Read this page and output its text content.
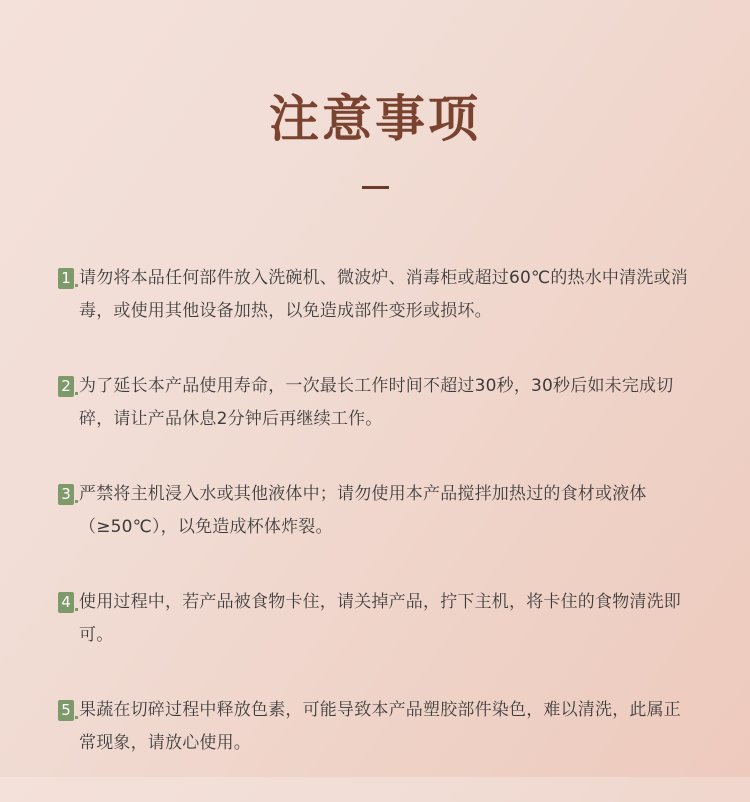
注意事项
1 请勿将本品任何部件放入洗碗机、微波炉、消毒柜或超过60℃的热水中清洗或消毒，或使用其他设备加热，以免造成部件变形或损坏。
2 为了延长本产品使用寿命，一次最长工作时间不超过30秒，30秒后如未完成切碎，请让产品休息2分钟后再继续工作。
3 严禁将主机浸入水或其他液体中；请勿使用本产品搅拌加热过的食材或液体（≥50℃），以免造成杯体炸裂。
4 使用过程中，若产品被食物卡住，请关掉产品，拧下主机，将卡住的食物清洗即可。
5 果蔬在切碎过程中释放色素，可能导致本产品塑胶部件染色，难以清洗，此属正常现象，请放心使用。
